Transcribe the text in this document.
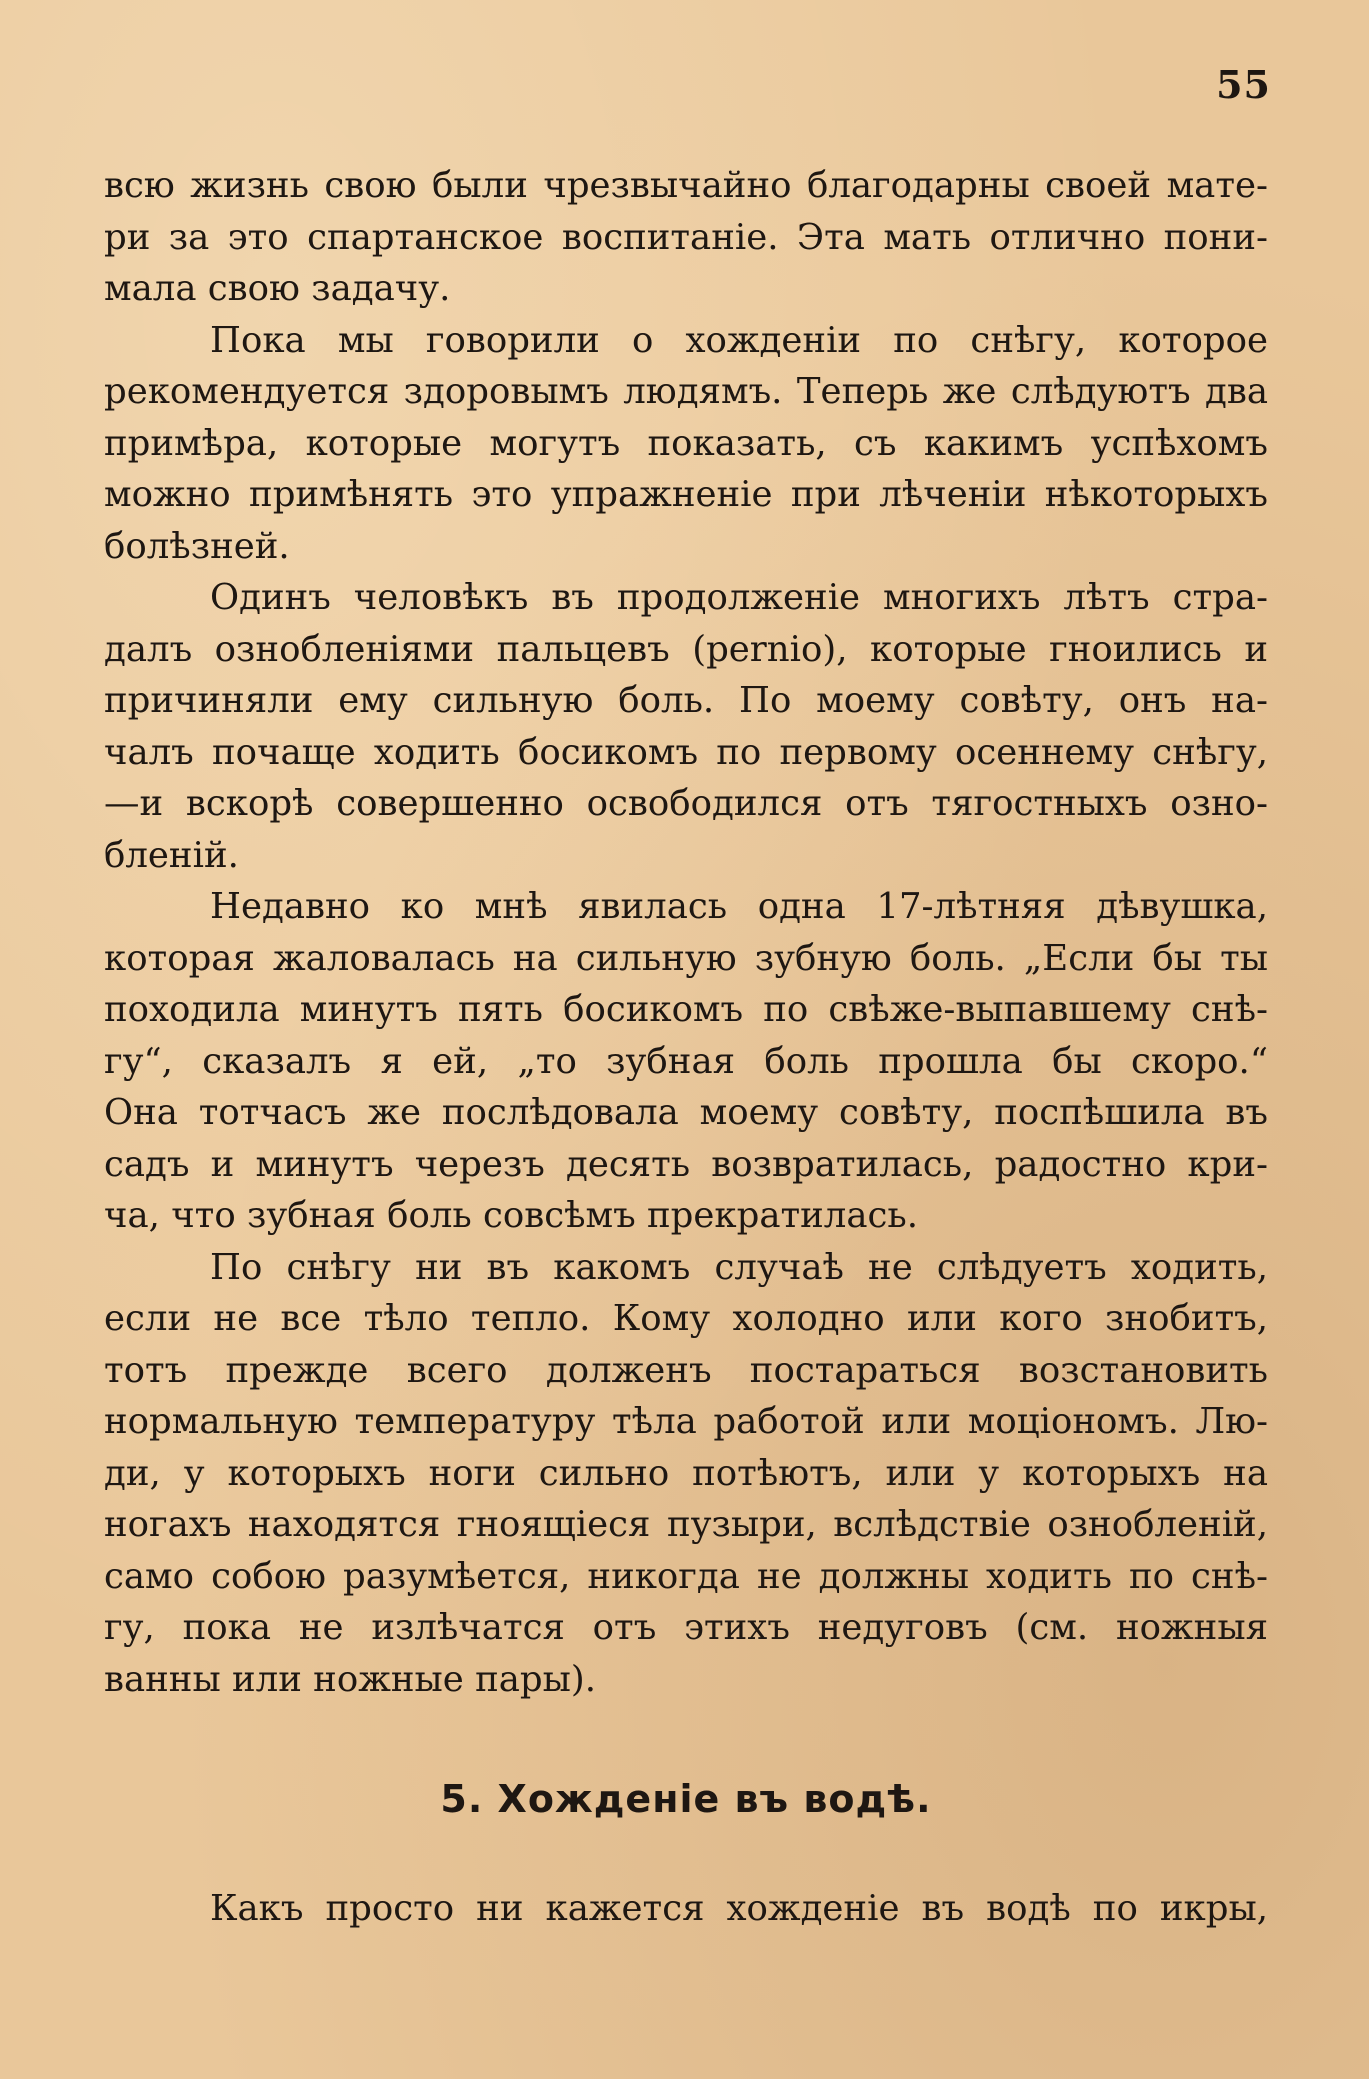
55

всю жизнь свою были чрезвычайно благодарны своей мате-
ри за это спартанское воспитаніе. Эта мать отлично пони-
мала свою задачу.

Пока мы говорили о хожденіи по снѣгу, которое
рекомендуется здоровымъ людямъ. Теперь же слѣдуютъ два
примѣра, которые могутъ показать, съ какимъ успѣхомъ
можно примѣнять это упражненіе при лѣченіи нѣкоторыхъ
болѣзней.

Одинъ человѣкъ въ продолженіе многихъ лѣтъ стра-
далъ ознобленіями пальцевъ (pernio), которые гноились и
причиняли ему сильную боль. По моему совѣту, онъ на-
чалъ почаще ходить босикомъ по первому осеннему снѣгу,
—и вскорѣ совершенно освободился отъ тягостныхъ озно-
бленій.

Недавно ко мнѣ явилась одна 17-лѣтняя дѣвушка,
которая жаловалась на сильную зубную боль. „Если бы ты
походила минутъ пять босикомъ по свѣже-выпавшему снѣ-
гу“, сказалъ я ей, „то зубная боль прошла бы скоро.“
Она тотчасъ же послѣдовала моему совѣту, поспѣшила въ
садъ и минутъ черезъ десять возвратилась, радостно кри-
ча, что зубная боль совсѣмъ прекратилась.

По снѣгу ни въ какомъ случаѣ не слѣдуетъ ходить,
если не все тѣло тепло. Кому холодно или кого знобитъ,
тотъ прежде всего долженъ постараться возстановить
нормальную температуру тѣла работой или моціономъ. Лю-
ди, у которыхъ ноги сильно потѣютъ, или у которыхъ на
ногахъ находятся гноящіеся пузыри, вслѣдствіе ознобленій,
само собою разумѣется, никогда не должны ходить по снѣ-
гу, пока не излѣчатся отъ этихъ недуговъ (см. ножныя
ванны или ножные пары).

5. Хожденіе въ водѣ.

Какъ просто ни кажется хожденіе въ водѣ по икры,
